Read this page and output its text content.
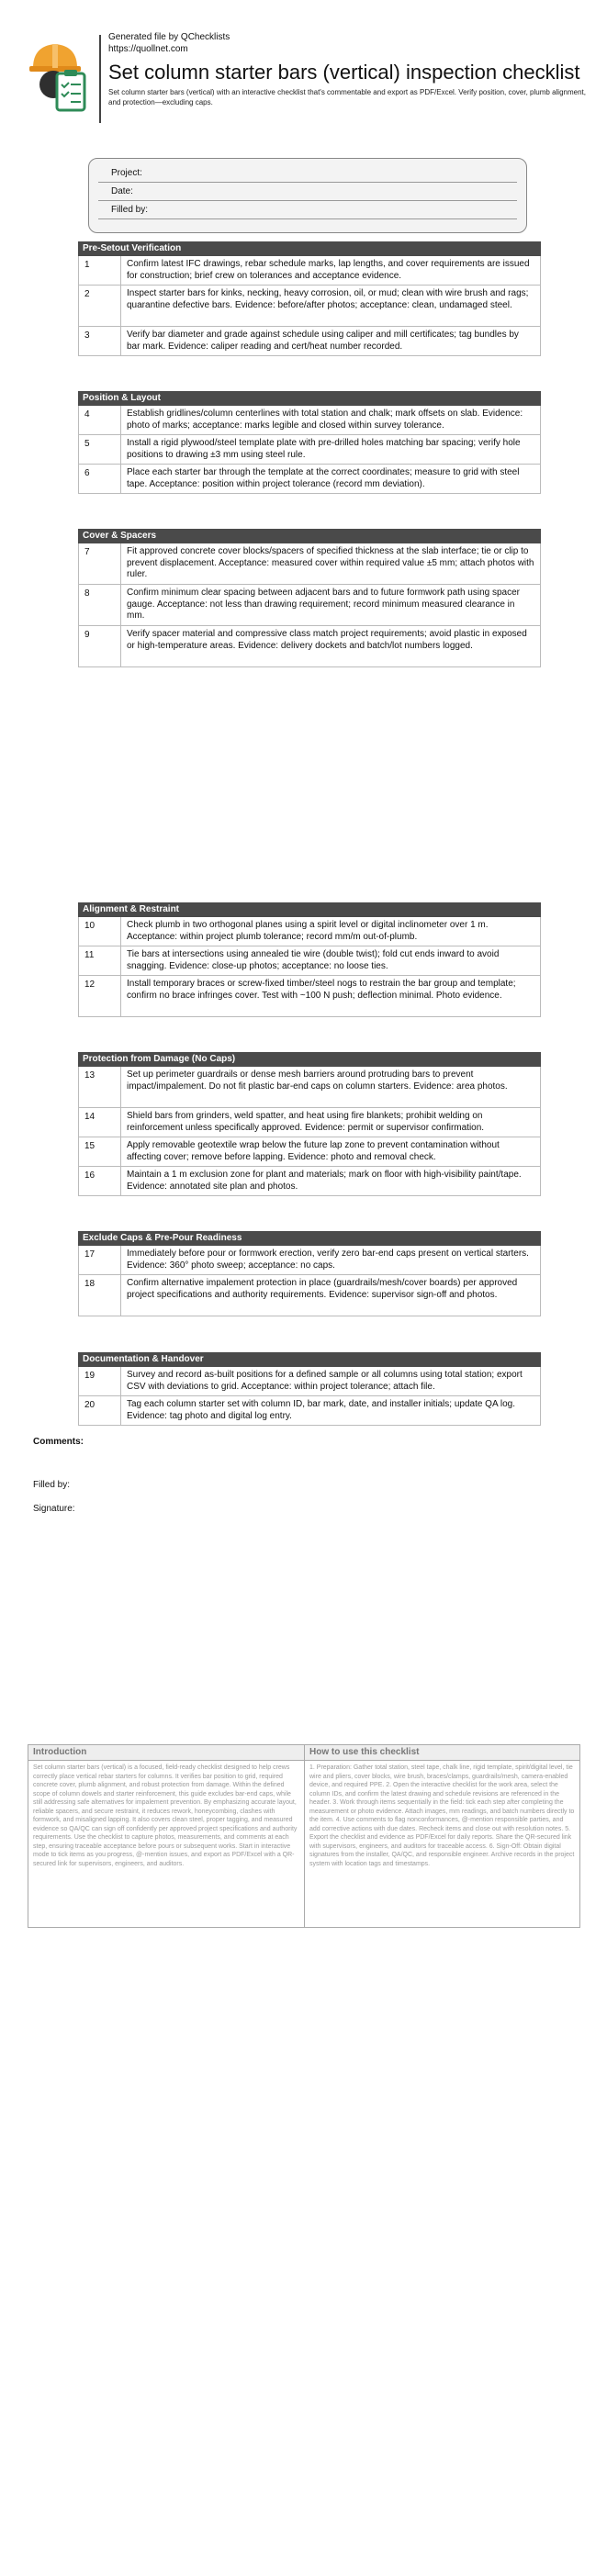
Generated file by QChecklists
https://quollnet.com
Set column starter bars (vertical) inspection checklist
Set column starter bars (vertical) with an interactive checklist that's commentable and export as PDF/Excel. Verify position, cover, plumb alignment, and protection—excluding caps.
Project:
Date:
Filled by:
Pre-Setout Verification
1	Confirm latest IFC drawings, rebar schedule marks, lap lengths, and cover requirements are issued for construction; brief crew on tolerances and acceptance evidence.
2	Inspect starter bars for kinks, necking, heavy corrosion, oil, or mud; clean with wire brush and rags; quarantine defective bars. Evidence: before/after photos; acceptance: clean, undamaged steel.
3	Verify bar diameter and grade against schedule using caliper and mill certificates; tag bundles by bar mark. Evidence: caliper reading and cert/heat number recorded.
Position & Layout
4	Establish gridlines/column centerlines with total station and chalk; mark offsets on slab. Evidence: photo of marks; acceptance: marks legible and closed within survey tolerance.
5	Install a rigid plywood/steel template plate with pre-drilled holes matching bar spacing; verify hole positions to drawing ±3 mm using steel rule.
6	Place each starter bar through the template at the correct coordinates; measure to grid with steel tape. Acceptance: position within project tolerance (record mm deviation).
Cover & Spacers
7	Fit approved concrete cover blocks/spacers of specified thickness at the slab interface; tie or clip to prevent displacement. Acceptance: measured cover within required value ±5 mm; attach photos with ruler.
8	Confirm minimum clear spacing between adjacent bars and to future formwork path using spacer gauge. Acceptance: not less than drawing requirement; record minimum measured clearance in mm.
9	Verify spacer material and compressive class match project requirements; avoid plastic in exposed or high-temperature areas. Evidence: delivery dockets and batch/lot numbers logged.
Alignment & Restraint
10	Check plumb in two orthogonal planes using a spirit level or digital inclinometer over 1 m. Acceptance: within project plumb tolerance; record mm/m out-of-plumb.
11	Tie bars at intersections using annealed tie wire (double twist); fold cut ends inward to avoid snagging. Evidence: close-up photos; acceptance: no loose ties.
12	Install temporary braces or screw-fixed timber/steel nogs to restrain the bar group and template; confirm no brace infringes cover. Test with ~100 N push; deflection minimal. Photo evidence.
Protection from Damage (No Caps)
13	Set up perimeter guardrails or dense mesh barriers around protruding bars to prevent impact/impalement. Do not fit plastic bar-end caps on column starters. Evidence: area photos.
14	Shield bars from grinders, weld spatter, and heat using fire blankets; prohibit welding on reinforcement unless specifically approved. Evidence: permit or supervisor confirmation.
15	Apply removable geotextile wrap below the future lap zone to prevent contamination without affecting cover; remove before lapping. Evidence: photo and removal check.
16	Maintain a 1 m exclusion zone for plant and materials; mark on floor with high-visibility paint/tape. Evidence: annotated site plan and photos.
Exclude Caps & Pre-Pour Readiness
17	Immediately before pour or formwork erection, verify zero bar-end caps present on vertical starters. Evidence: 360° photo sweep; acceptance: no caps.
18	Confirm alternative impalement protection in place (guardrails/mesh/cover boards) per approved project specifications and authority requirements. Evidence: supervisor sign-off and photos.
Documentation & Handover
19	Survey and record as-built positions for a defined sample or all columns using total station; export CSV with deviations to grid. Acceptance: within project tolerance; attach file.
20	Tag each column starter set with column ID, bar mark, date, and installer initials; update QA log. Evidence: tag photo and digital log entry.
Comments:
Filled by:
Signature:
Introduction
Set column starter bars (vertical) is a focused, field-ready checklist designed to help crews correctly place vertical rebar starters for columns. It verifies bar position to grid, required concrete cover, plumb alignment, and robust protection from damage. Within the defined scope of column dowels and starter reinforcement, this guide excludes bar-end caps, while still addressing safe alternatives for impalement prevention. By emphasizing accurate layout, reliable spacers, and secure restraint, it reduces rework, honeycombing, clashes with formwork, and misaligned lapping. It also covers clean steel, proper tagging, and measured evidence so QA/QC can sign off confidently per approved project specifications and authority requirements. Use the checklist to capture photos, measurements, and comments at each step, ensuring traceable acceptance before pours or subsequent works. Start in interactive mode to tick items as you progress, @-mention issues, and export as PDF/Excel with a QR-secured link for supervisors, engineers, and auditors.
How to use this checklist
1. Preparation: Gather total station, steel tape, chalk line, rigid template, spirit/digital level, tie wire and pliers, cover blocks, wire brush, braces/clamps, guardrails/mesh, camera-enabled device, and required PPE. 2. Open the interactive checklist for the work area, select the column IDs, and confirm the latest drawing and schedule revisions are referenced in the header. 3. Work through items sequentially in the field: tick each step after completing the measurement or photo evidence. Attach images, mm readings, and batch numbers directly to the item. 4. Use comments to flag nonconformances, @-mention responsible parties, and add corrective actions with due dates. Recheck items and close out with resolution notes. 5. Export the checklist and evidence as PDF/Excel for daily reports. Share the QR-secured link with supervisors, engineers, and auditors for traceable access. 6. Sign-Off: Obtain digital signatures from the installer, QA/QC, and responsible engineer. Archive records in the project system with location tags and timestamps.
